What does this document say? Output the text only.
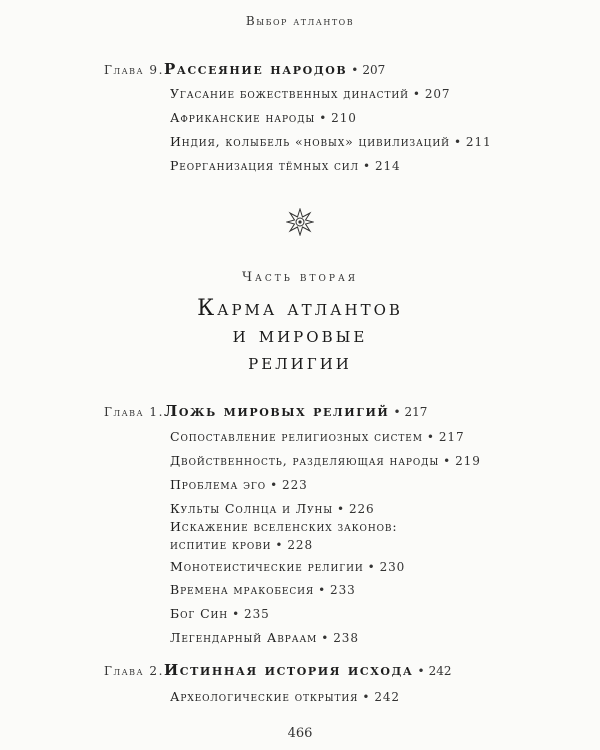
Выбор атлантов
Глава 9.Рассеяние народов • 207
Угасание божественных династий • 207
Африканские народы • 210
Индия, колыбель «новых» цивилизаций • 211
Реорганизация тёмных сил • 214
Часть вторая
Карма атлантов
и мировые
религии
Глава 1.Ложь мировых религий • 217
Сопоставление религиозных систем • 217
Двойственность, разделяющая народы • 219
Проблема эго • 223
Культы Солнца и Луны • 226
Искажение вселенских законов:
испитие крови • 228
Монотеистические религии • 230
Времена мракобесия • 233
Бог Син • 235
Легендарный Авраам • 238
Глава 2.Истинная история исхода • 242
Археологические открытия • 242
466
